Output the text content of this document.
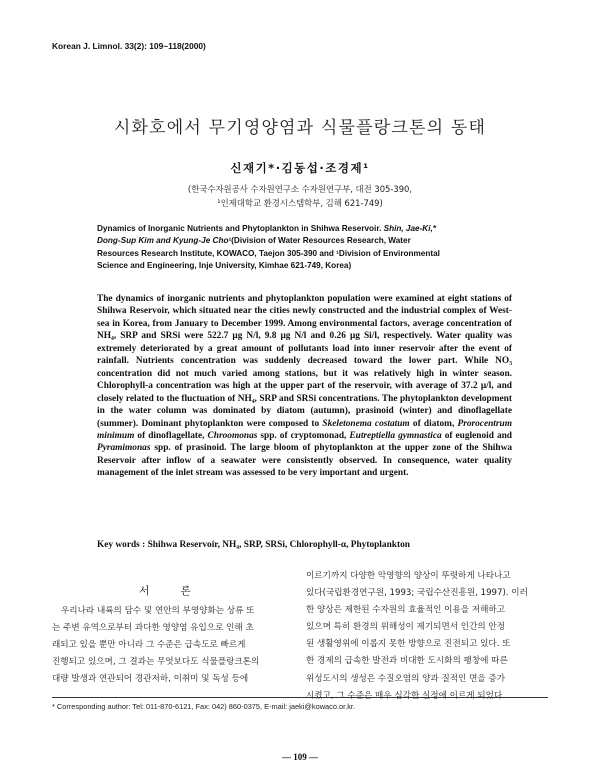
Korean J. Limnol. 33(2): 109~118(2000)
시화호에서 무기영양염과 식물플랑크톤의 동태
신재기*·김동섭·조경제¹
(한국수자원공사 수자원연구소 수자원연구부, 대전 305-390,
¹인제대학교 환경시스템학부, 김해 621-749)
Dynamics of Inorganic Nutrients and Phytoplankton in Shihwa Reservoir. Shin, Jae-Ki,*
Dong-Sup Kim and Kyung-Je Cho¹(Division of Water Resources Research, Water
Resources Research Institute, KOWACO, Taejon 305-390 and ¹Division of Environmental
Science and Engineering, Inje University, Kimhae 621-749, Korea)
The dynamics of inorganic nutrients and phytoplankton population were examined at eight stations of Shihwa Reservoir, which situated near the cities newly constructed and the industrial complex of West-sea in Korea, from January to December 1999. Among environmental factors, average concentration of NH₄, SRP and SRSi were 522.7 μg N/l, 9.8 μg N/l and 0.26 μg Si/l, respectively. Water quality was extremely deteriorated by a great amount of pollutants load into inner reservoir after the event of rainfall. Nutrients concentration was suddenly decreased toward the lower part. While NO₃ concentration did not much varied among stations, but it was relatively high in winter season. Chlorophyll-a concentration was high at the upper part of the reservoir, with average of 37.2 μ/l, and closely related to the fluctuation of NH₄, SRP and SRSi concentrations. The phytoplankton development in the water column was dominated by diatom (autumn), prasinoid (winter) and dinoflagellate (summer). Dominant phytoplankton were composed to Skeletonema costatum of diatom, Prorocentrum minimum of dinoflagellate, Chroomonas spp. of cryptomonad, Eutreptiella gymnastica of euglenoid and Pyramimonas spp. of prasinoid. The large bloom of phytoplankton at the upper zone of the Shihwa Reservoir after inflow of a seawater were consistently observed. In consequence, water quality management of the inlet stream was assessed to be very important and urgent.
Key words : Shihwa Reservoir, NH₄, SRP, SRSi, Chlorophyll-α, Phytoplankton
서 론
우리나라 내륙의 담수 및 연안의 부영양화는 상류 또
는 주변 유역으로부터 과다한 영양염 유입으로 인해 초
래되고 있을 뿐만 아니라 그 수준은 급속도로 빠르게
진행되고 있으며, 그 결과는 무엇보다도 식물플랑크톤의
대량 발생과 연관되어 경관저하, 이취미 및 독성 등에
이르기까지 다양한 악영향의 양상이 뚜렷하게 나타나고
있다(국립환경연구원, 1993; 국립수산진흥원, 1997). 이러
한 양상은 제한된 수자원의 효율적인 이용을 저해하고
있으며 특히 환경의 위해성이 제기되면서 인간의 안정
된 생활영위에 이롭지 못한 방향으로 진전되고 있다. 또
한 경제의 급속한 발전과 비대한 도시화의 팽창에 따른
위성도시의 생성은 수질오염의 양과 질적인 면을 증가
시켰고, 그 수준은 매우 심각한 실정에 이르게 되었다
* Corresponding author: Tel: 011-870-6121, Fax: 042) 860-0375, E-mail: jaeki@kowaco.or.kr.
— 109 —
